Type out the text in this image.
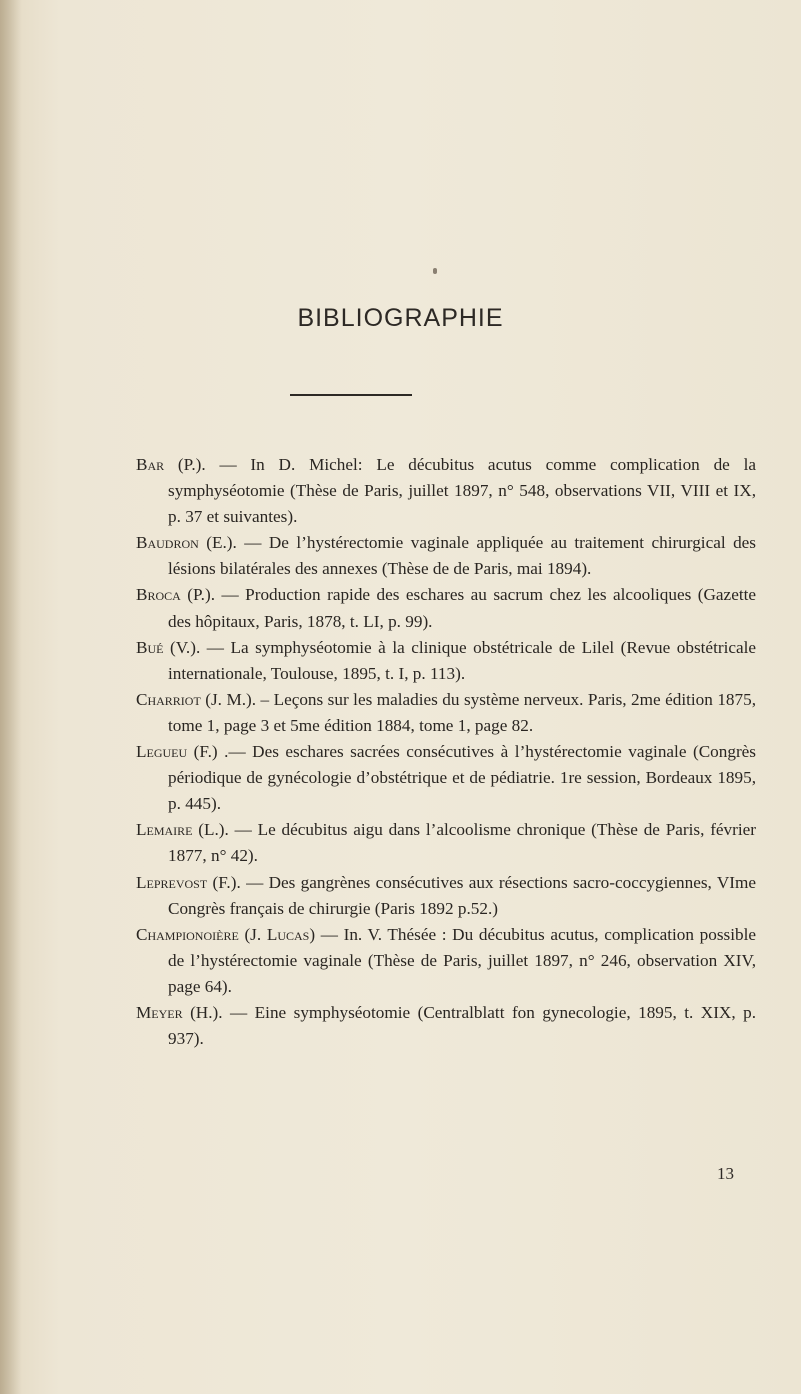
BIBLIOGRAPHIE

Bar (P.). — In D. Michel: Le décubitus acutus comme complication de la symphyséotomie (Thèse de Paris, juillet 1897, n° 548, observations VII, VIII et IX, p. 37 et suivantes).

Baudron (E.). — De l’hystérectomie vaginale appliquée au traitement chirurgical des lésions bilatérales des annexes (Thèse de de Paris, mai 1894).

Broca (P.). — Production rapide des eschares au sacrum chez les alcooliques (Gazette des hôpitaux, Paris, 1878, t. LI, p. 99).

Bué (V.). — La symphyséotomie à la clinique obstétricale de Lilel (Revue obstétricale internationale, Toulouse, 1895, t. I, p. 113).

Charriot (J. M.). – Leçons sur les maladies du système nerveux. Paris, 2me édition 1875, tome 1, page 3 et 5me édition 1884, tome 1, page 82.

Legueu (F.) .— Des eschares sacrées consécutives à l’hystérectomie vaginale (Congrès périodique de gynécologie d’obstétrique et de pédiatrie. 1re session, Bordeaux 1895, p. 445).

Lemaire (L.). — Le décubitus aigu dans l’alcoolisme chronique (Thèse de Paris, février 1877, n° 42).

Leprevost (F.). — Des gangrènes consécutives aux résections sacro-coccygiennes, VIme Congrès français de chirurgie (Paris 1892 p.52.)

Championoière (J. Lucas) — In. V. Thésée : Du décubitus acutus, complication possible de l’hystérectomie vaginale (Thèse de Paris, juillet 1897, n° 246, observation XIV, page 64).

Meyer (H.). — Eine symphyséotomie (Centralblatt fon gynecologie, 1895, t. XIX, p. 937).

13
